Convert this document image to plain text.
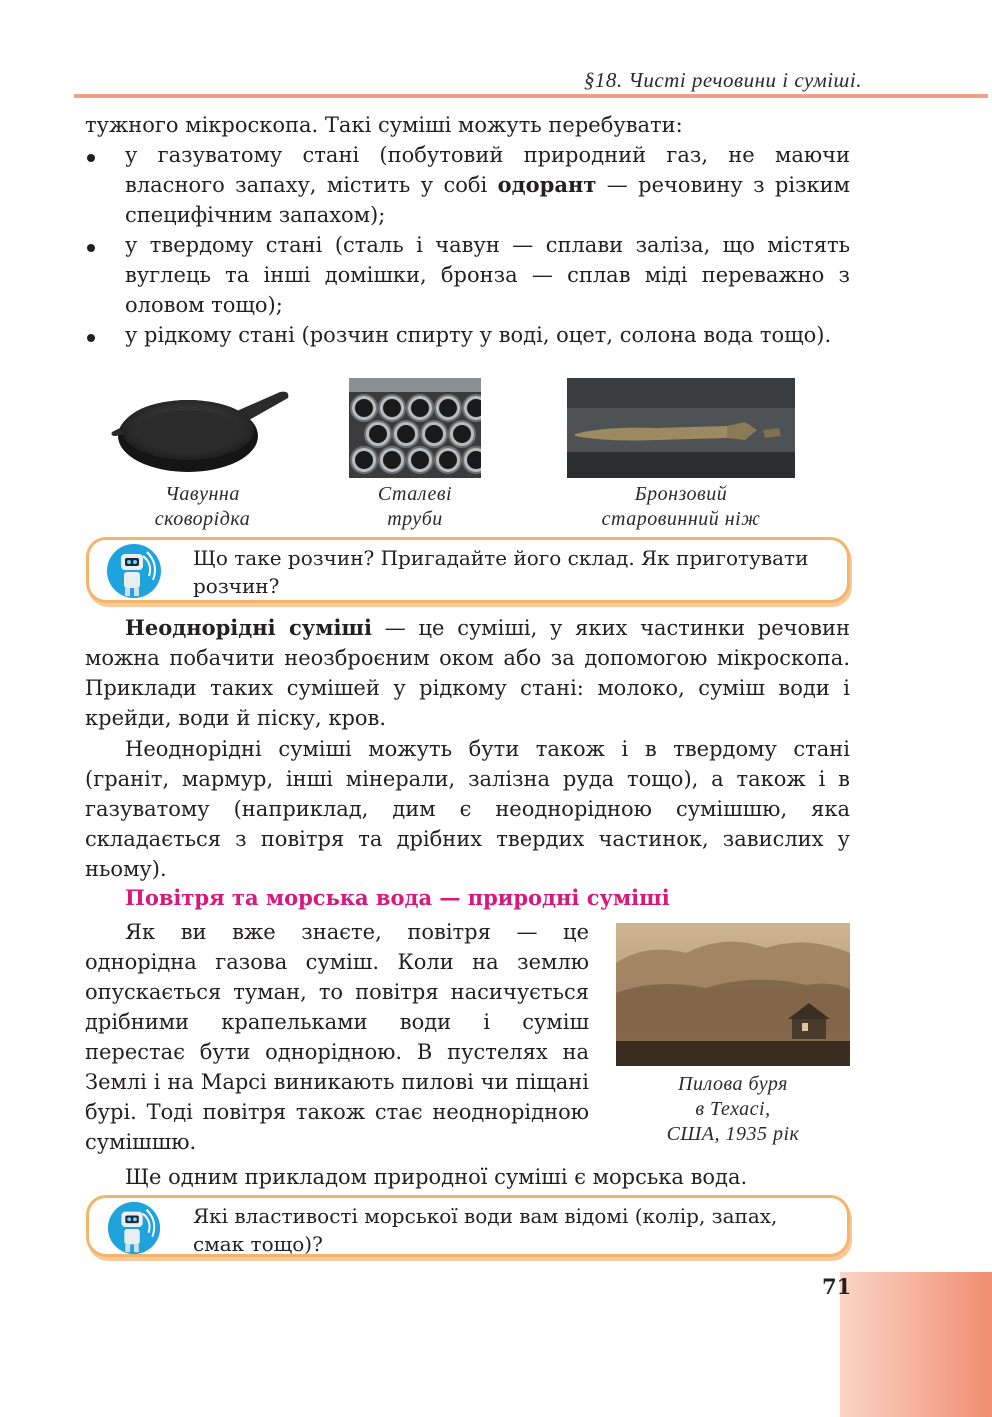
§18. Чисті речовини і суміші.
тужного мікроскопа. Такі суміші можуть перебувати:
у газуватому стані (побутовий природний газ, не маючи власного запаху, містить у собі одорант — речовину з різким специфічним запахом);
у твердому стані (сталь і чавун — сплави заліза, що містять вуглець та інші домішки, бронза — сплав міді переважно з оловом тощо);
у рідкому стані (розчин спирту у воді, оцет, солона вода тощо).
Чавунна
сковорідка
Сталеві
труби
Бронзовий
старовинний ніж
Що таке розчин? Пригадайте його склад. Як приготувати розчин?
Неоднорідні суміші — це суміші, у яких частинки речовин можна побачити неозброєним оком або за допомогою мікроскопа. Приклади таких сумішей у рідкому стані: молоко, суміш води і крейди, води й піску, кров.
Неоднорідні суміші можуть бути також і в твердому стані (граніт, мармур, інші мінерали, залізна руда тощо), а також і в газуватому (наприклад, дим є неоднорідною сумішшю, яка складається з повітря та дрібних твердих частинок, завислих у ньому).
Повітря та морська вода — природні суміші
Як ви вже знаєте, повітря — це однорідна газова суміш. Коли на землю опускається туман, то повітря насичується дрібними крапельками води і суміш перестає бути однорідною. В пустелях на Землі і на Марсі виникають пилові чи піщані бурі. Тоді повітря також стає неоднорідною сумішшю.
Пилова буря
в Техасі,
США, 1935 рік
Ще одним прикладом природної суміші є морська вода.
Які властивості морської води вам відомі (колір, запах, смак тощо)?
71
